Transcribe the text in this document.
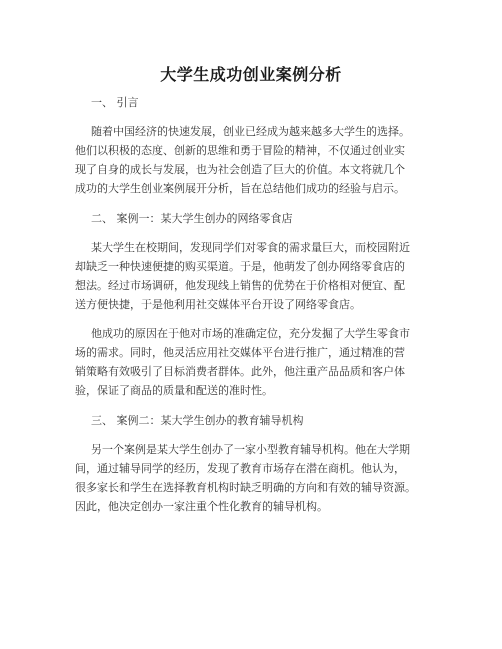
大学生成功创业案例分析
一、 引言
随着中国经济的快速发展，创业已经成为越来越多大学生的选择。
他们以积极的态度、创新的思维和勇于冒险的精神，不仅通过创业实
现了自身的成长与发展，也为社会创造了巨大的价值。本文将就几个
成功的大学生创业案例展开分析，旨在总结他们成功的经验与启示。
二、 案例一：某大学生创办的网络零食店
某大学生在校期间，发现同学们对零食的需求量巨大，而校园附近
却缺乏一种快速便捷的购买渠道。于是，他萌发了创办网络零食店的
想法。经过市场调研，他发现线上销售的优势在于价格相对便宜、配
送方便快捷，于是他利用社交媒体平台开设了网络零食店。
他成功的原因在于他对市场的准确定位，充分发掘了大学生零食市
场的需求。同时，他灵活应用社交媒体平台进行推广，通过精准的营
销策略有效吸引了目标消费者群体。此外，他注重产品品质和客户体
验，保证了商品的质量和配送的准时性。
三、 案例二：某大学生创办的教育辅导机构
另一个案例是某大学生创办了一家小型教育辅导机构。他在大学期
间，通过辅导同学的经历，发现了教育市场存在潜在商机。他认为，
很多家长和学生在选择教育机构时缺乏明确的方向和有效的辅导资源。
因此，他决定创办一家注重个性化教育的辅导机构。
